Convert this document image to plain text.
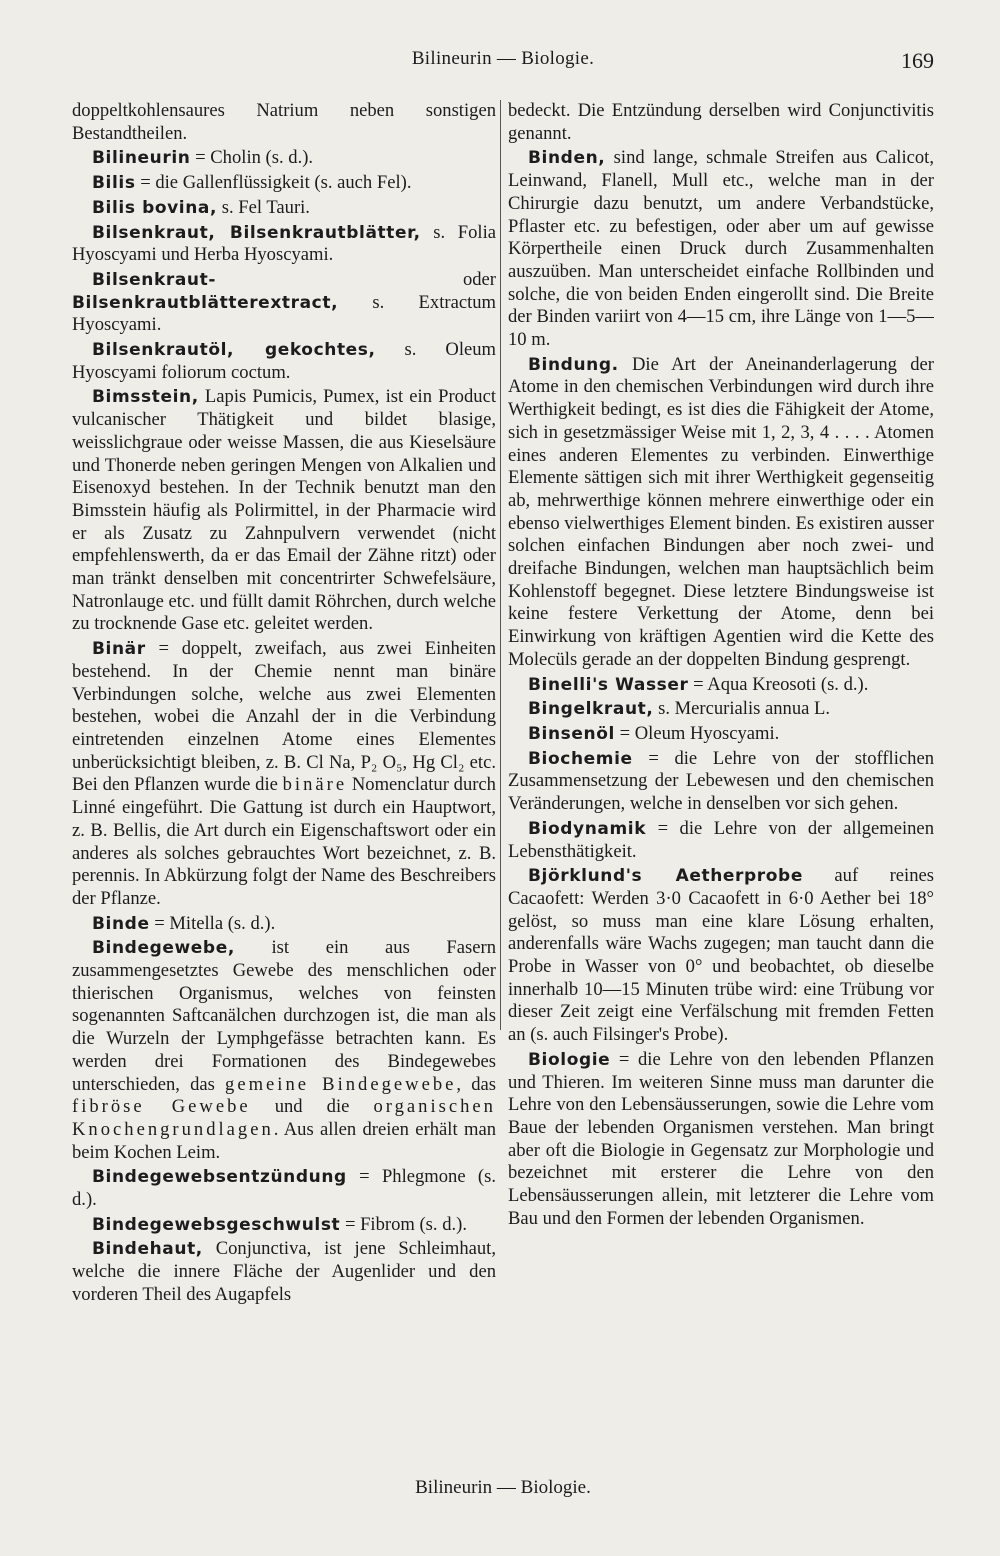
Bilineurin — Biologie.	169

doppeltkohlensaures Natrium neben sonstigen Bestandtheilen.

Bilineurin = Cholin (s. d.).

Bilis = die Gallenflüssigkeit (s. auch Fel).

Bilis bovina, s. Fel Tauri.

Bilsenkraut, Bilsenkrautblätter, s. Folia Hyoscyami und Herba Hyoscyami.

Bilsenkraut- oder Bilsenkrautblätterextract, s. Extractum Hyoscyami.

Bilsenkrautöl, gekochtes, s. Oleum Hyoscyami foliorum coctum.

Bimsstein, Lapis Pumicis, Pumex, ist ein Product vulcanischer Thätigkeit und bildet blasige, weisslichgraue oder weisse Massen, die aus Kieselsäure und Thonerde neben geringen Mengen von Alkalien und Eisenoxyd bestehen. In der Technik benutzt man den Bimsstein häufig als Polirmittel, in der Pharmacie wird er als Zusatz zu Zahnpulvern verwendet (nicht empfehlenswerth, da er das Email der Zähne ritzt) oder man tränkt denselben mit concentrirter Schwefelsäure, Natronlauge etc. und füllt damit Röhrchen, durch welche zu trocknende Gase etc. geleitet werden.

Binär = doppelt, zweifach, aus zwei Einheiten bestehend. In der Chemie nennt man binäre Verbindungen solche, welche aus zwei Elementen bestehen, wobei die Anzahl der in die Verbindung eintretenden einzelnen Atome eines Elementes unberücksichtigt bleiben, z. B. Cl Na, P₂ O₅, Hg Cl₂ etc. Bei den Pflanzen wurde die binäre Nomenclatur durch Linné eingeführt. Die Gattung ist durch ein Hauptwort, z. B. Bellis, die Art durch ein Eigenschaftswort oder ein anderes als solches gebrauchtes Wort bezeichnet, z. B. perennis. In Abkürzung folgt der Name des Beschreibers der Pflanze.

Binde = Mitella (s. d.).

Bindegewebe, ist ein aus Fasern zusammengesetztes Gewebe des menschlichen oder thierischen Organismus, welches von feinsten sogenannten Saftcanälchen durchzogen ist, die man als die Wurzeln der Lymphgefässe betrachten kann. Es werden drei Formationen des Bindegewebes unterschieden, das gemeine Bindegewebe, das fibröse Gewebe und die organischen Knochengrundlagen. Aus allen dreien erhält man beim Kochen Leim.

Bindegewebsentzündung = Phlegmone (s. d.).

Bindegewebsgeschwulst = Fibrom (s. d.).

Bindehaut, Conjunctiva, ist jene Schleimhaut, welche die innere Fläche der Augenlider und den vorderen Theil des Augapfels

bedeckt. Die Entzündung derselben wird Conjunctivitis genannt.

Binden, sind lange, schmale Streifen aus Calicot, Leinwand, Flanell, Mull etc., welche man in der Chirurgie dazu benutzt, um andere Verbandstücke, Pflaster etc. zu befestigen, oder aber um auf gewisse Körpertheile einen Druck durch Zusammenhalten auszuüben. Man unterscheidet einfache Rollbinden und solche, die von beiden Enden eingerollt sind. Die Breite der Binden variirt von 4—15 cm, ihre Länge von 1—5—10 m.

Bindung. Die Art der Aneinanderlagerung der Atome in den chemischen Verbindungen wird durch ihre Werthigkeit bedingt, es ist dies die Fähigkeit der Atome, sich in gesetzmässiger Weise mit 1, 2, 3, 4 . . . . Atomen eines anderen Elementes zu verbinden. Einwerthige Elemente sättigen sich mit ihrer Werthigkeit gegenseitig ab, mehrwerthige können mehrere einwerthige oder ein ebenso vielwerthiges Element binden. Es existiren ausser solchen einfachen Bindungen aber noch zwei- und dreifache Bindungen, welchen man hauptsächlich beim Kohlenstoff begegnet. Diese letztere Bindungsweise ist keine festere Verkettung der Atome, denn bei Einwirkung von kräftigen Agentien wird die Kette des Molecüls gerade an der doppelten Bindung gesprengt.

Binelli's Wasser = Aqua Kreosoti (s. d.).

Bingelkraut, s. Mercurialis annua L.

Binsenöl = Oleum Hyoscyami.

Biochemie = die Lehre von der stofflichen Zusammensetzung der Lebewesen und den chemischen Veränderungen, welche in denselben vor sich gehen.

Biodynamik = die Lehre von der allgemeinen Lebensthätigkeit.

Björklund's Aetherprobe auf reines Cacaofett: Werden 3·0 Cacaofett in 6·0 Aether bei 18° gelöst, so muss man eine klare Lösung erhalten, anderenfalls wäre Wachs zugegen; man taucht dann die Probe in Wasser von 0° und beobachtet, ob dieselbe innerhalb 10—15 Minuten trübe wird: eine Trübung vor dieser Zeit zeigt eine Verfälschung mit fremden Fetten an (s. auch Filsinger's Probe).

Biologie = die Lehre von den lebenden Pflanzen und Thieren. Im weiteren Sinne muss man darunter die Lehre von den Lebensäusserungen, sowie die Lehre vom Baue der lebenden Organismen verstehen. Man bringt aber oft die Biologie in Gegensatz zur Morphologie und bezeichnet mit ersterer die Lehre von den Lebensäusserungen allein, mit letzterer die Lehre vom Bau und den Formen der lebenden Organismen.

Bilineurin — Biologie.
